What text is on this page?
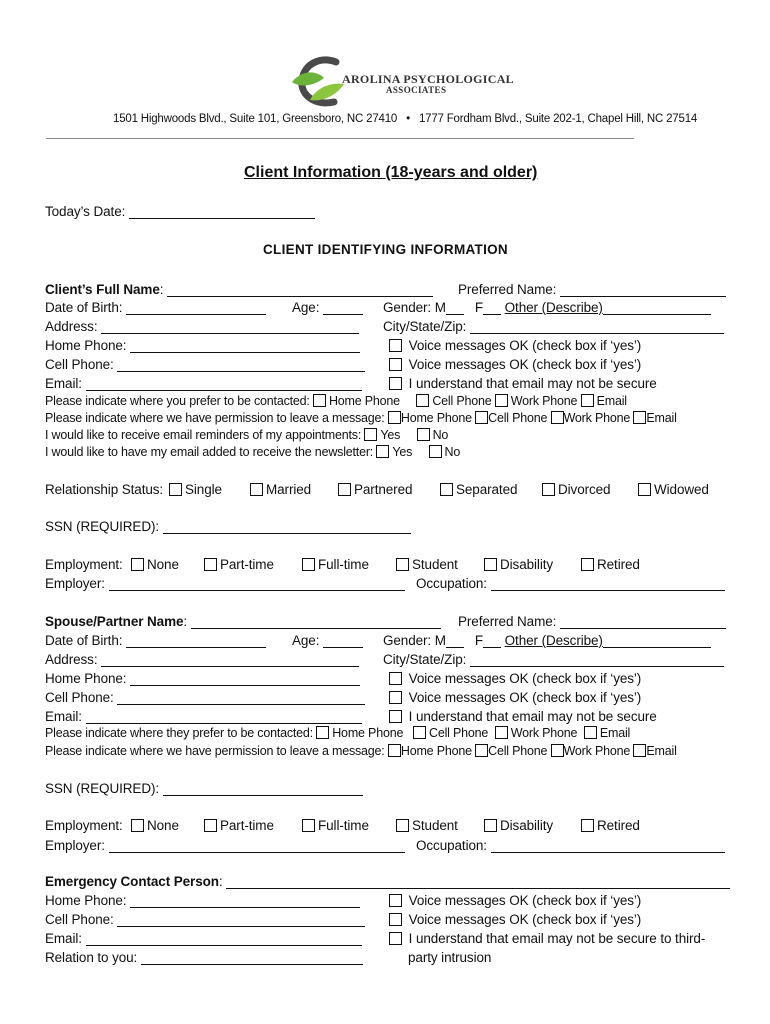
AROLINA PSYCHOLOGICAL
ASSOCIATES
1501 Highwoods Blvd., Suite 101, Greensboro, NC 27410 • 1777 Fordham Blvd., Suite 202-1, Chapel Hill, NC 27514
Client Information (18-years and older)
Today’s Date:
CLIENT IDENTIFYING INFORMATION
Client’s Full Name:	Preferred Name:
Date of Birth:	Age:	Gender: M F Other (Describe)
Address:	City/State/Zip:
Home Phone:	Voice messages OK (check box if ‘yes’)
Cell Phone:	Voice messages OK (check box if ‘yes’)
Email:	I understand that email may not be secure
Please indicate where you prefer to be contacted: Home Phone	Cell Phone Work Phone Email
Please indicate where we have permission to leave a message: Home Phone Cell Phone Work Phone Email
I would like to receive email reminders of my appointments: Yes	No
I would like to have my email added to receive the newsletter: Yes	No
Relationship Status:	Single	Married	Partnered	Separated	Divorced	Widowed
SSN (REQUIRED):
Employment:	None	Part-time	Full-time	Student	Disability	Retired
Employer:	Occupation:
Spouse/Partner Name:	Preferred Name:
Date of Birth:	Age:	Gender: M F Other (Describe)
Address:	City/State/Zip:
Home Phone:	Voice messages OK (check box if ‘yes’)
Cell Phone:	Voice messages OK (check box if ‘yes’)
Email:	I understand that email may not be secure
Please indicate where they prefer to be contacted: Home Phone Cell Phone Work Phone Email
Please indicate where we have permission to leave a message: Home Phone Cell Phone Work Phone Email
SSN (REQUIRED):
Employment:	None	Part-time	Full-time	Student	Disability	Retired
Employer:	Occupation:
Emergency Contact Person:
Home Phone:	Voice messages OK (check box if ‘yes’)
Cell Phone:	Voice messages OK (check box if ‘yes’)
Email:	I understand that email may not be secure to third-
Relation to you:	party intrusion
